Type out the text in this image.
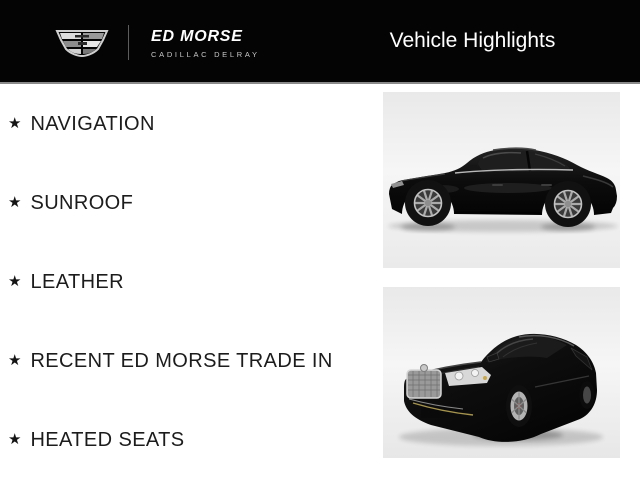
ED MORSE
CADILLAC DELRAY
Vehicle Highlights
★ NAVIGATION
★ SUNROOF
★ LEATHER
★ RECENT ED MORSE TRADE IN
★ HEATED SEATS
